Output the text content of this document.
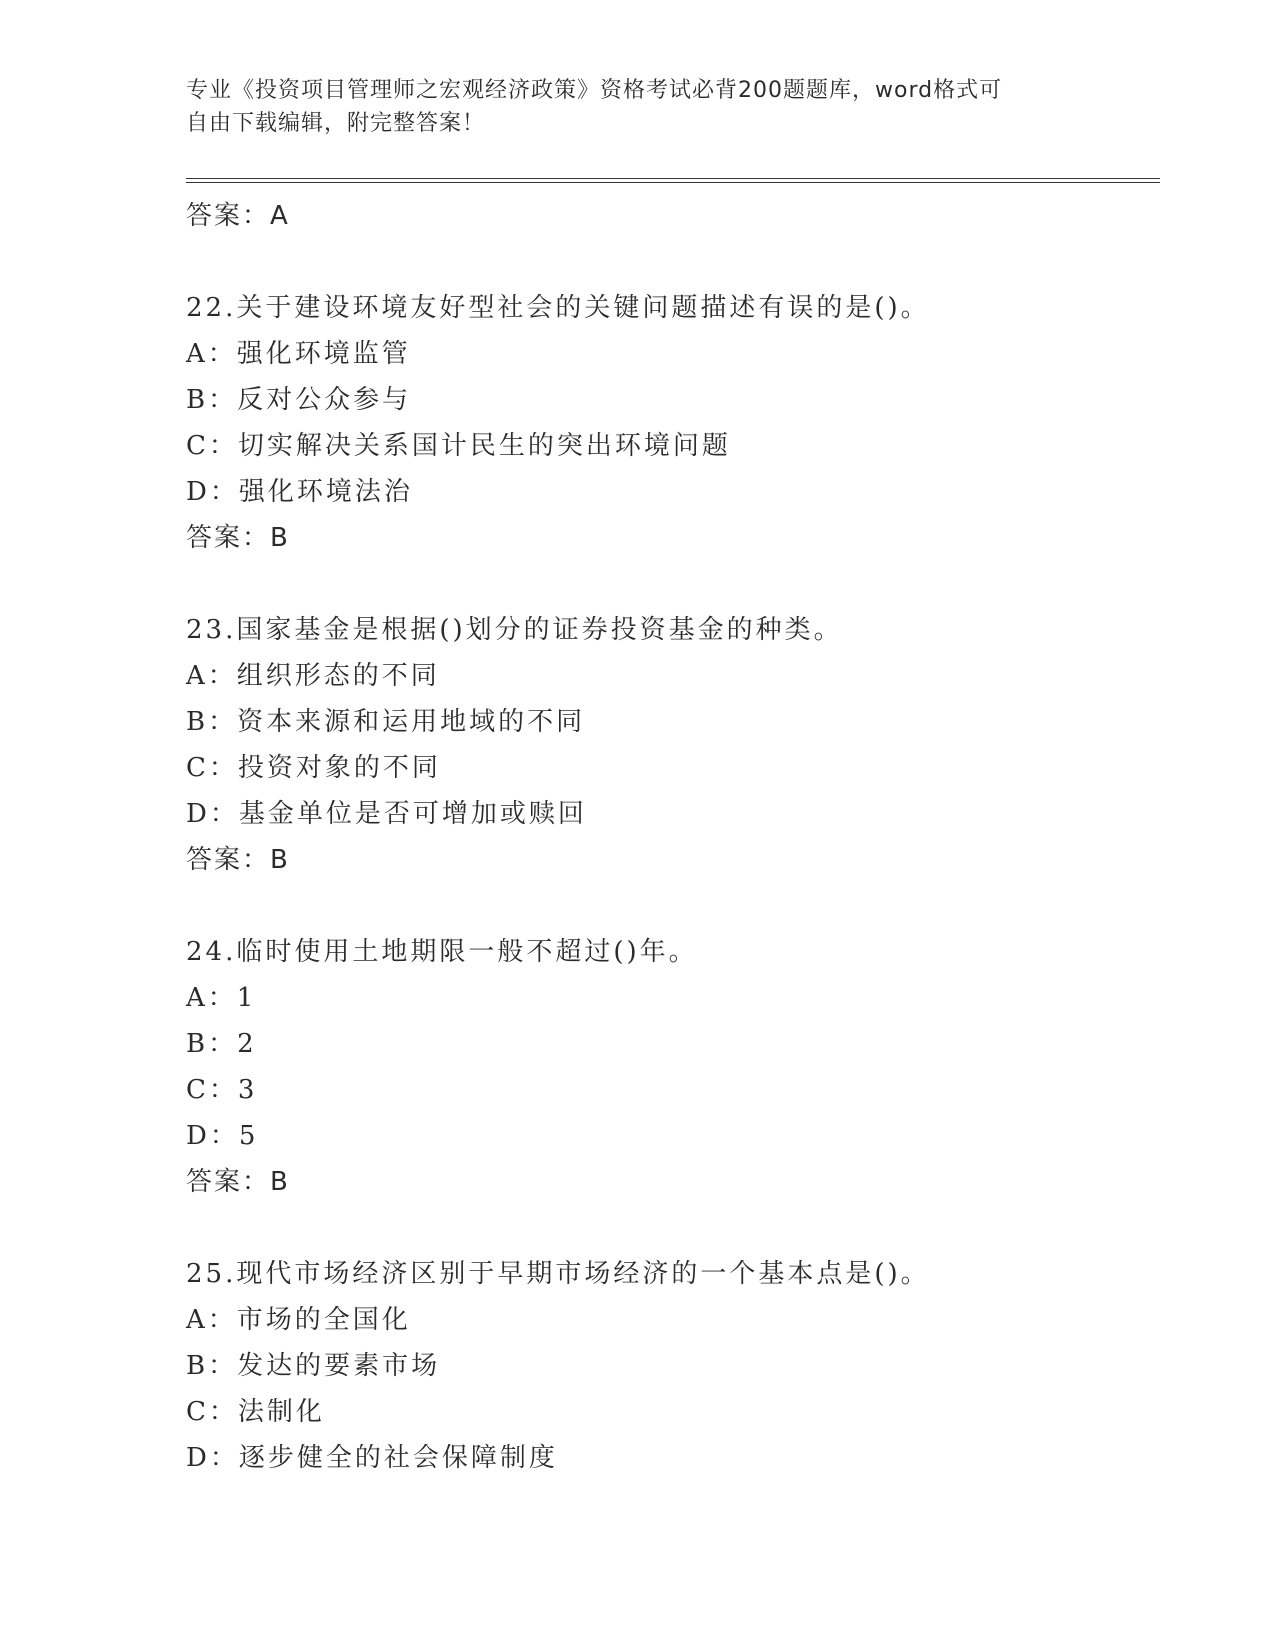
专业《投资项目管理师之宏观经济政策》资格考试必背200题题库，word格式可
自由下载编辑，附完整答案！
答案：A
22.关于建设环境友好型社会的关键问题描述有误的是()。
A：强化环境监管
B：反对公众参与
C：切实解决关系国计民生的突出环境问题
D：强化环境法治
答案：B
23.国家基金是根据()划分的证券投资基金的种类。
A：组织形态的不同
B：资本来源和运用地域的不同
C：投资对象的不同
D：基金单位是否可增加或赎回
答案：B
24.临时使用土地期限一般不超过()年。
A：1
B：2
C：3
D：5
答案：B
25.现代市场经济区别于早期市场经济的一个基本点是()。
A：市场的全国化
B：发达的要素市场
C：法制化
D：逐步健全的社会保障制度
